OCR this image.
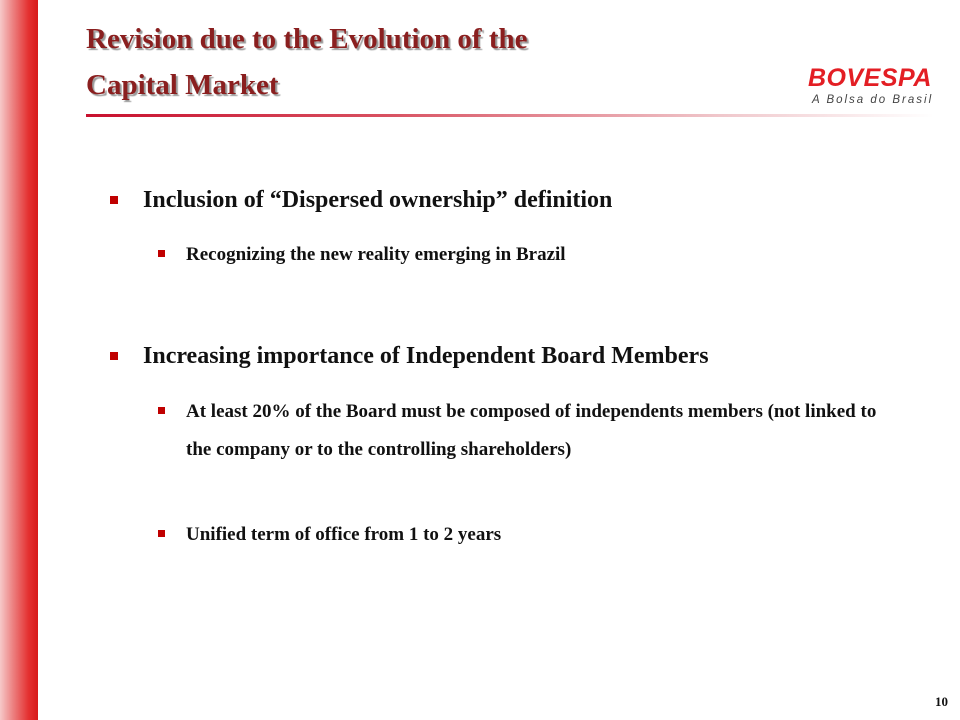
Revision due to the Evolution of the
Capital Market	BOVESPA
A Bolsa do Brasil
Inclusion of “Dispersed ownership” definition
Recognizing the new reality emerging in Brazil
Increasing importance of Independent Board Members
At least 20% of the Board must be composed of independents members (not linked to the company or to the controlling shareholders)
Unified term of office from 1 to 2 years
10
